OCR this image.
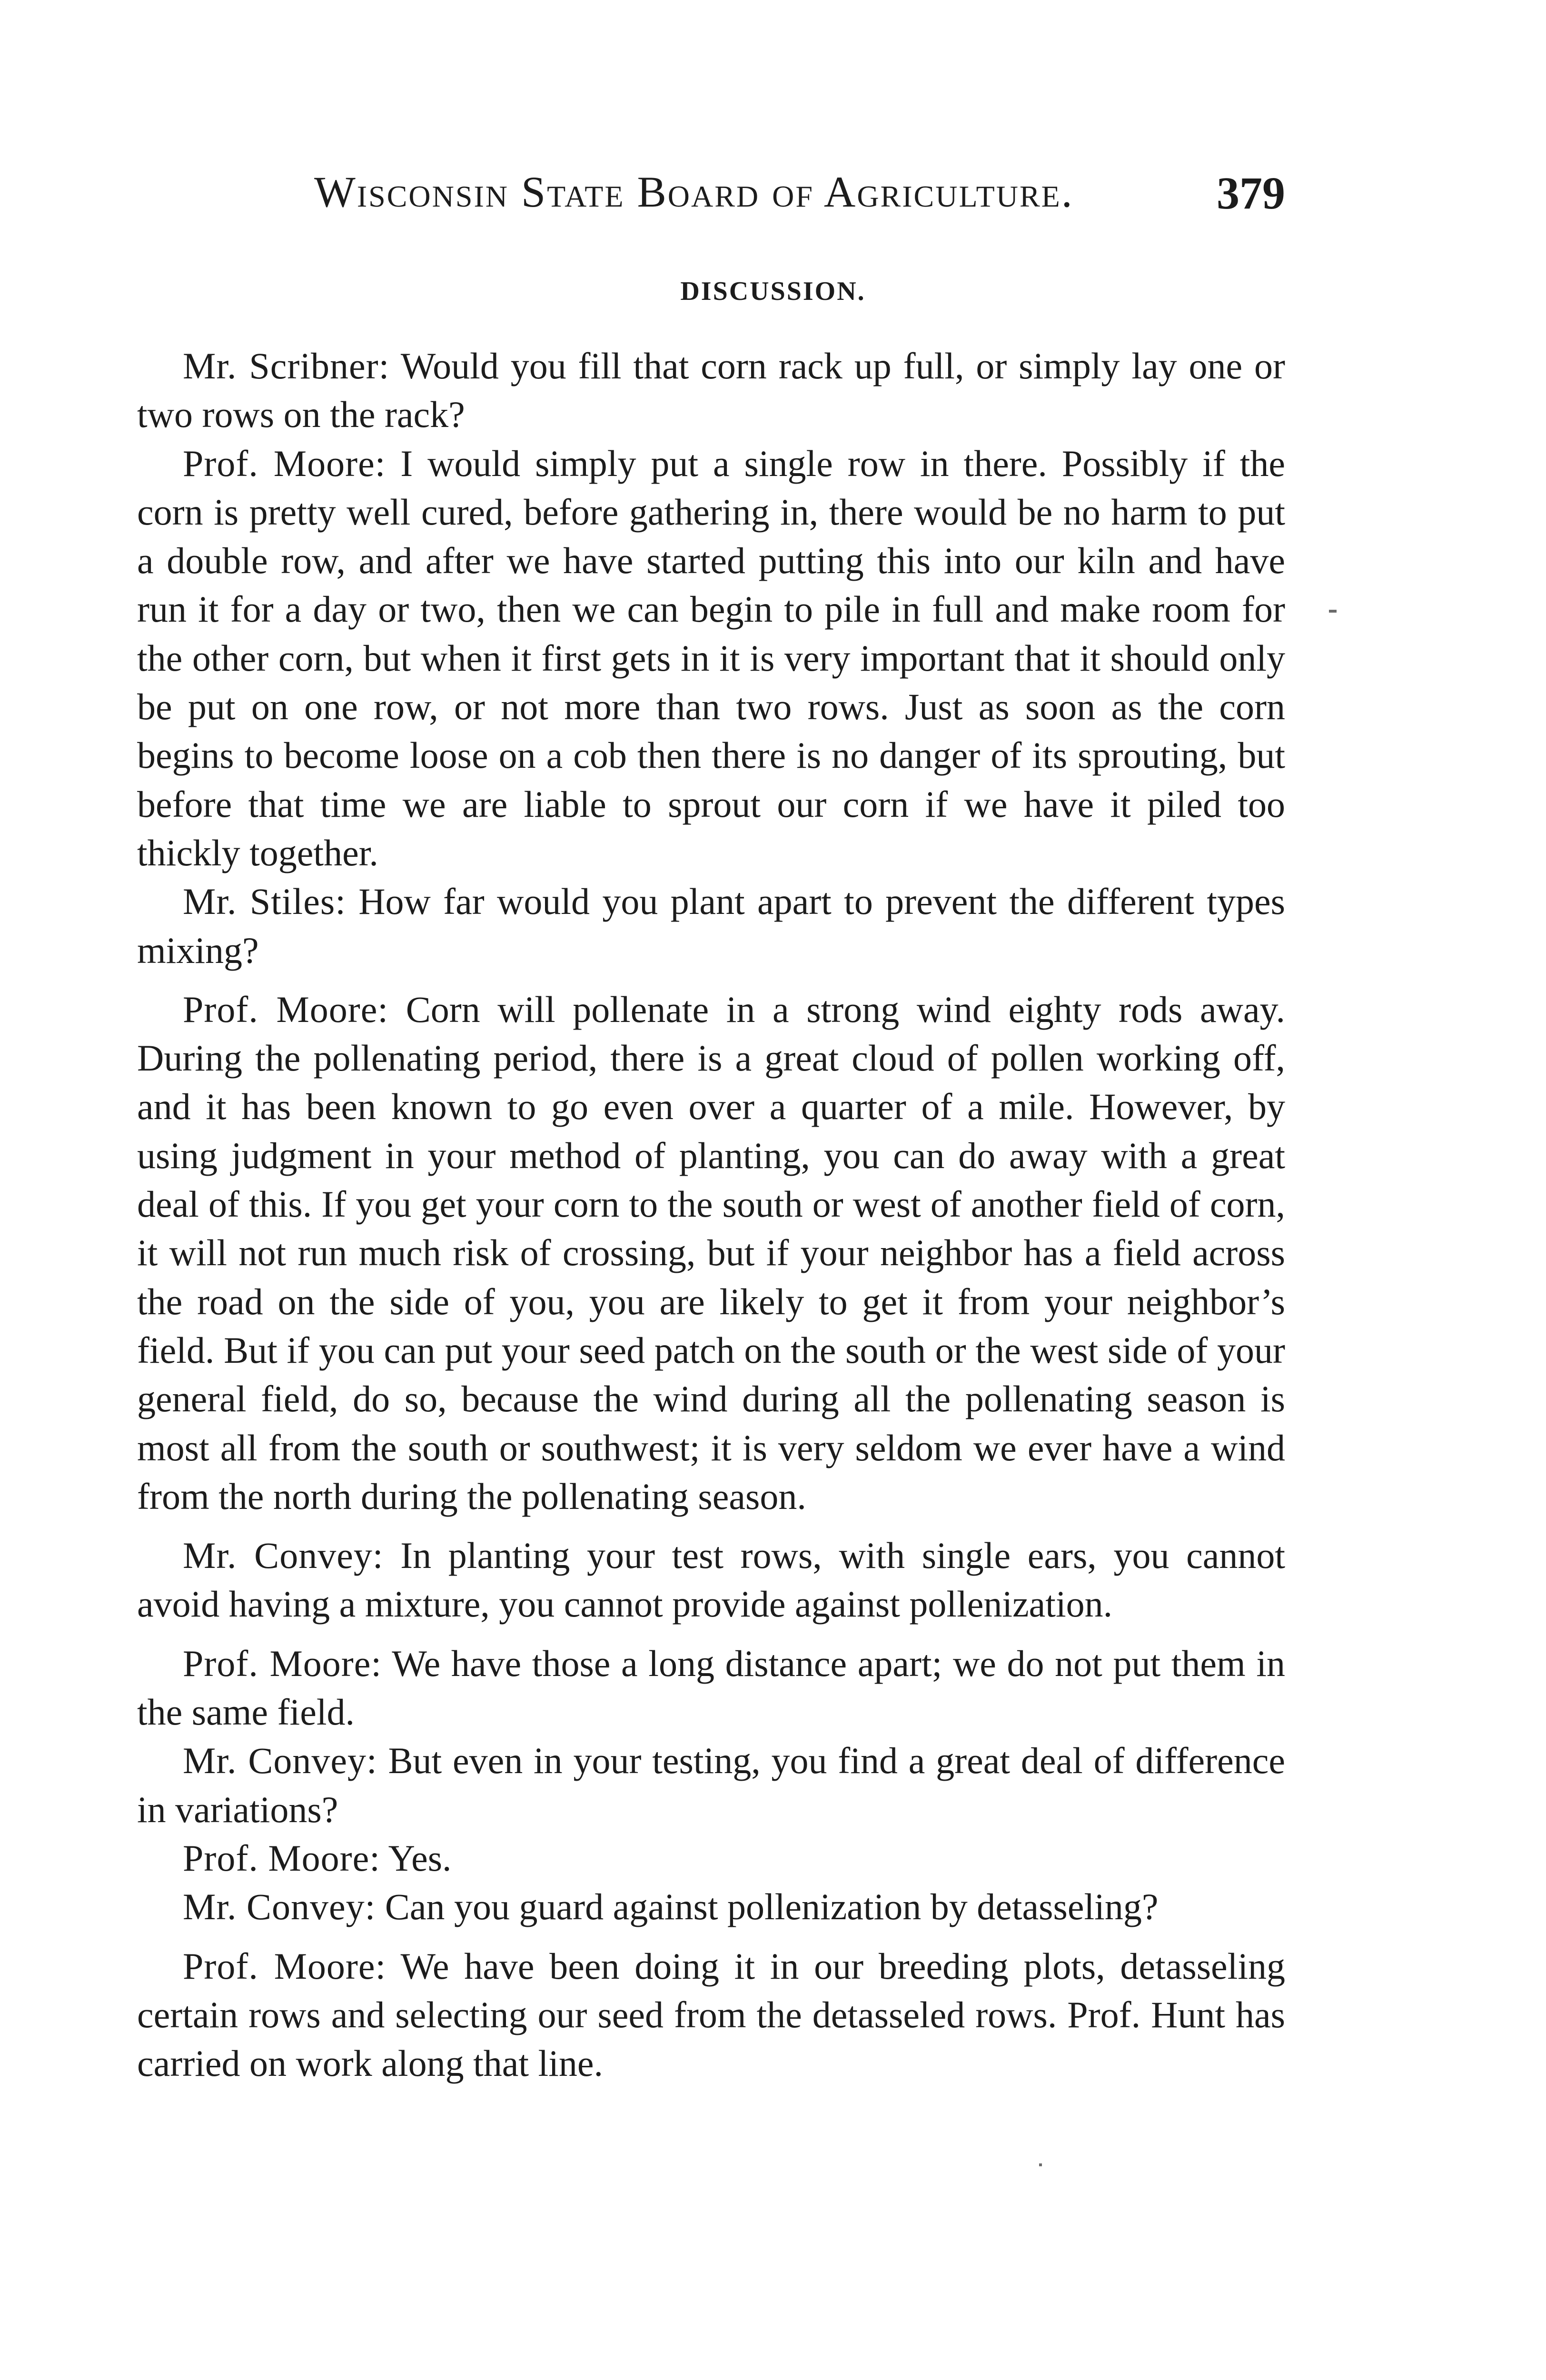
Wisconsin State Board of Agriculture.	379
DISCUSSION.

Mr. Scribner: Would you fill that corn rack up full, or simply lay one or two rows on the rack?

Prof. Moore: I would simply put a single row in there. Possibly if the corn is pretty well cured, before gathering in, there would be no harm to put a double row, and after we have started putting this into our kiln and have run it for a day or two, then we can begin to pile in full and make room for the other corn, but when it first gets in it is very important that it should only be put on one row, or not more than two rows. Just as soon as the corn begins to become loose on a cob then there is no danger of its sprouting, but before that time we are liable to sprout our corn if we have it piled too thickly together.

Mr. Stiles: How far would you plant apart to prevent the different types mixing?

Prof. Moore: Corn will pollenate in a strong wind eighty rods away. During the pollenating period, there is a great cloud of pollen working off, and it has been known to go even over a quarter of a mile. However, by using judgment in your method of planting, you can do away with a great deal of this. If you get your corn to the south or west of another field of corn, it will not run much risk of crossing, but if your neighbor has a field across the road on the side of you, you are likely to get it from your neighbor’s field. But if you can put your seed patch on the south or the west side of your general field, do so, because the wind during all the pollenating season is most all from the south or southwest; it is very seldom we ever have a wind from the north during the pollenating season.

Mr. Convey: In planting your test rows, with single ears, you cannot avoid having a mixture, you cannot provide against pollenization.

Prof. Moore: We have those a long distance apart; we do not put them in the same field.

Mr. Convey: But even in your testing, you find a great deal of difference in variations?

Prof. Moore: Yes.

Mr. Convey: Can you guard against pollenization by detasseling?

Prof. Moore: We have been doing it in our breeding plots, detasseling certain rows and selecting our seed from the detasseled rows. Prof. Hunt has carried on work along that line.
